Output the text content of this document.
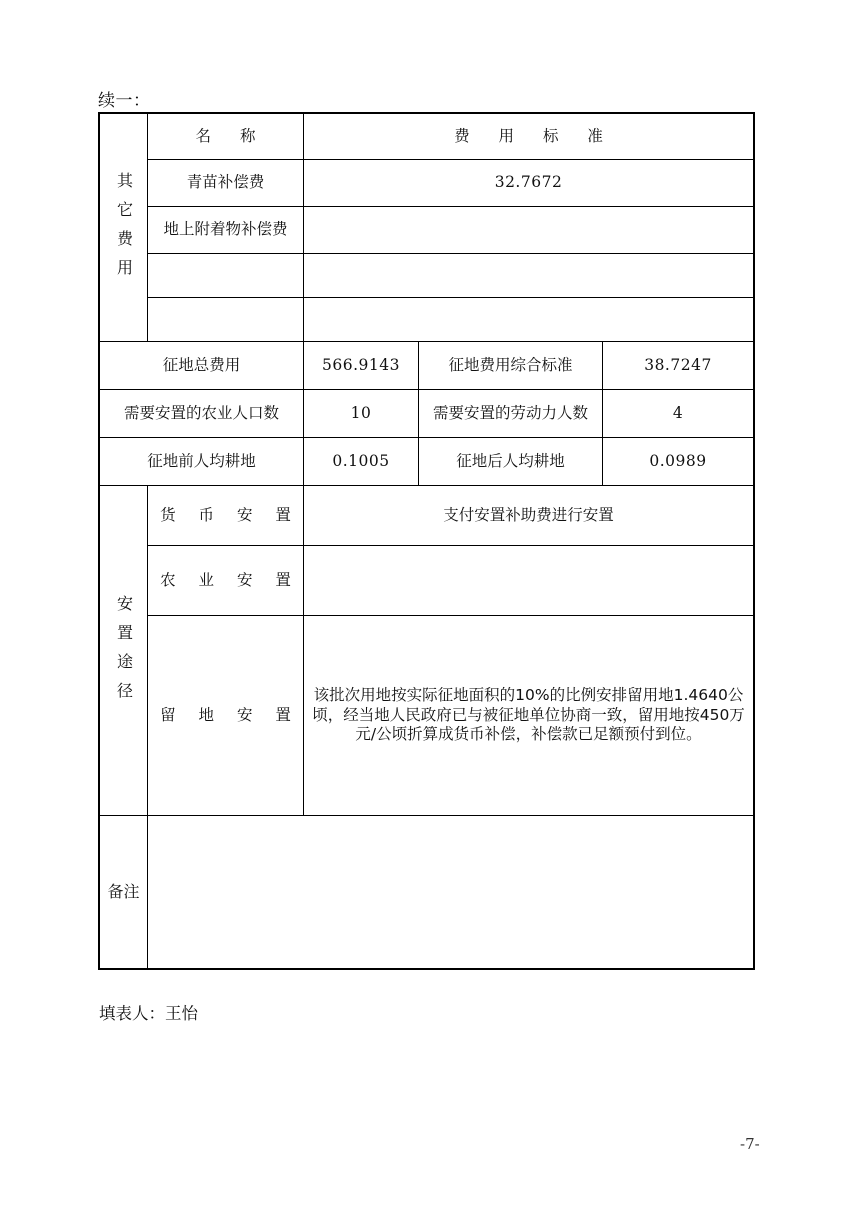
续一：
其它费用	名 称	费 用 标 准		
	青苗补偿费	32.7672		
	地上附着物补偿费			

征地总费用		566.9143	征地费用综合标准	38.7247
需要安置的农业人口数		10	需要安置的劳动力人数	4
征地前人均耕地		0.1005	征地后人均耕地	0.0989

安置途径	货 币 安 置	支付安置补助费进行安置		
	农 业 安 置			
	留 地 安 置	该批次用地按实际征地面积的10%的比例安排留用地1.4640公顷，经当地人民政府已与被征地单位协商一致，留用地按450万元/公顷折算成货币补偿，补偿款已足额预付到位。		
备注				
填表人：王怡
-7-
